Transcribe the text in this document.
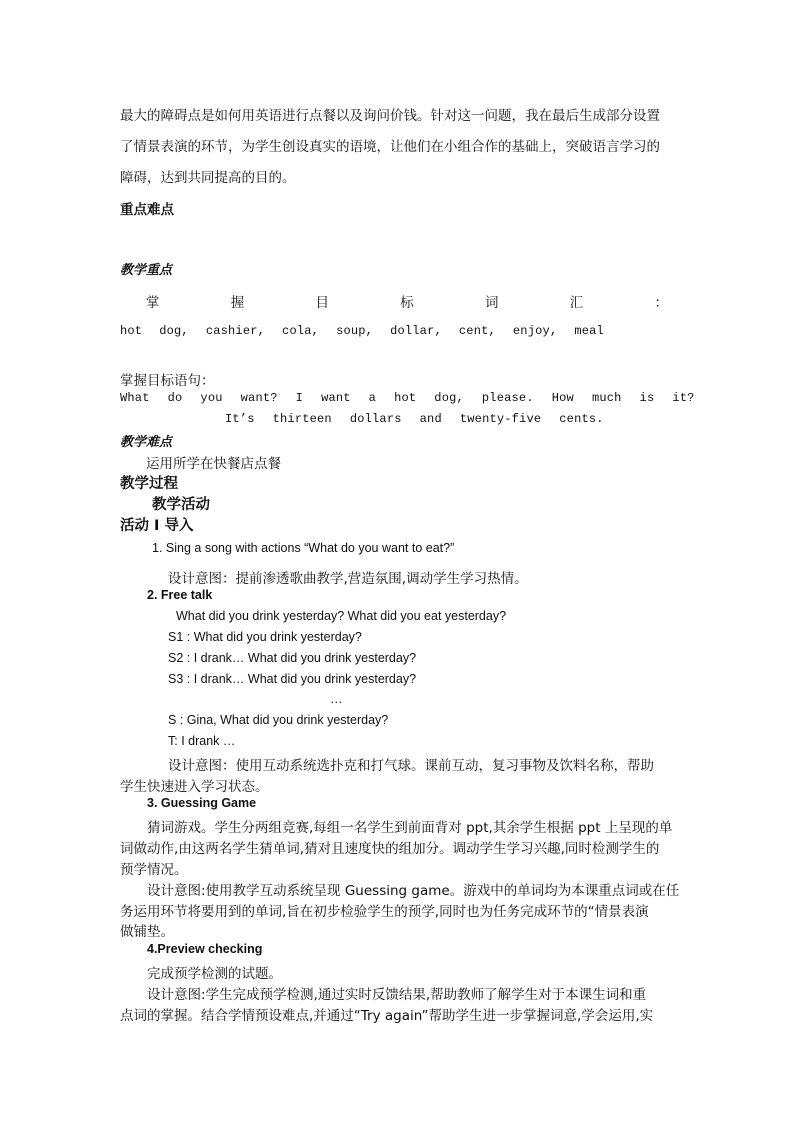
最大的障碍点是如何用英语进行点餐以及询问价钱。针对这一问题，我在最后生成部分设置
了情景表演的环节，为学生创设真实的语境，让他们在小组合作的基础上，突破语言学习的
障碍，达到共同提高的目的。
重点难点
教学重点
掌	握	目	标	词	汇	：
hot dog, cashier, cola, soup, dollar, cent, enjoy, meal
掌握目标语句：
What do you want? I want a hot dog, please. How much is it?
It’s thirteen dollars and twenty-five cents.
教学难点
运用所学在快餐店点餐
教学过程
教学活动
活动 I 导入
1. Sing a song with actions “What do you want to eat?”
设计意图：提前渗透歌曲教学,营造氛围,调动学生学习热情。
2. Free talk
What did you drink yesterday? What did you eat yesterday?
S1 : What did you drink yesterday?
S2 : I drank… What did you drink yesterday?
S3 : I drank… What did you drink yesterday?
…
S : Gina, What did you drink yesterday?
T: I drank …
设计意图：使用互动系统选扑克和打气球。课前互动，复习事物及饮料名称，帮助
学生快速进入学习状态。
3. Guessing Game
猜词游戏。学生分两组竞赛,每组一名学生到前面背对 ppt,其余学生根据 ppt 上呈现的单
词做动作,由这两名学生猜单词,猜对且速度快的组加分。调动学生学习兴趣,同时检测学生的
预学情况。
设计意图:使用教学互动系统呈现 Guessing game。游戏中的单词均为本课重点词或在任
务运用环节将要用到的单词,旨在初步检验学生的预学,同时也为任务完成环节的“情景表演
做铺垫。
4.Preview checking
完成预学检测的试题。
设计意图:学生完成预学检测,通过实时反馈结果,帮助教师了解学生对于本课生词和重
点词的掌握。结合学情预设难点,并通过“Try again”帮助学生进一步掌握词意,学会运用,实
